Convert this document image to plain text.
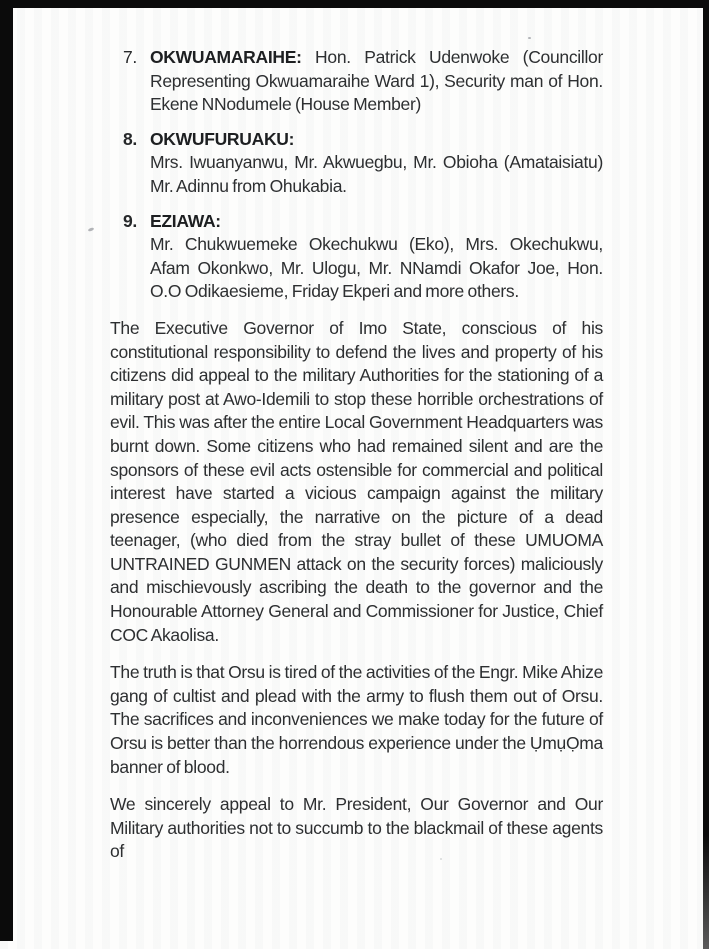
7. OKWUAMARAIHE: Hon. Patrick Udenwoke (Councillor Representing Okwuamaraihe Ward 1), Security man of Hon. Ekene NNodumele (House Member)
8. OKWUFURUAKU:
Mrs. Iwuanyanwu, Mr. Akwuegbu, Mr. Obioha (Amataisiatu) Mr. Adinnu from Ohukabia.
9. EZIAWA:
Mr. Chukwuemeke Okechukwu (Eko), Mrs. Okechukwu, Afam Okonkwo, Mr. Ulogu, Mr. NNamdi Okafor Joe, Hon. O.O Odikaesieme, Friday Ekperi and more others.

The Executive Governor of Imo State, conscious of his constitutional responsibility to defend the lives and property of his citizens did appeal to the military Authorities for the stationing of a military post at Awo-Idemili to stop these horrible orchestrations of evil. This was after the entire Local Government Headquarters was burnt down. Some citizens who had remained silent and are the sponsors of these evil acts ostensible for commercial and political interest have started a vicious campaign against the military presence especially, the narrative on the picture of a dead teenager, (who died from the stray bullet of these UMUOMA UNTRAINED GUNMEN attack on the security forces) maliciously and mischievously ascribing the death to the governor and the Honourable Attorney General and Commissioner for Justice, Chief COC Akaolisa.

The truth is that Orsu is tired of the activities of the Engr. Mike Ahize gang of cultist and plead with the army to flush them out of Orsu. The sacrifices and inconveniences we make today for the future of Orsu is better than the horrendous experience under the ỤmụỌma banner of blood.

We sincerely appeal to Mr. President, Our Governor and Our Military authorities not to succumb to the blackmail of these agents of
